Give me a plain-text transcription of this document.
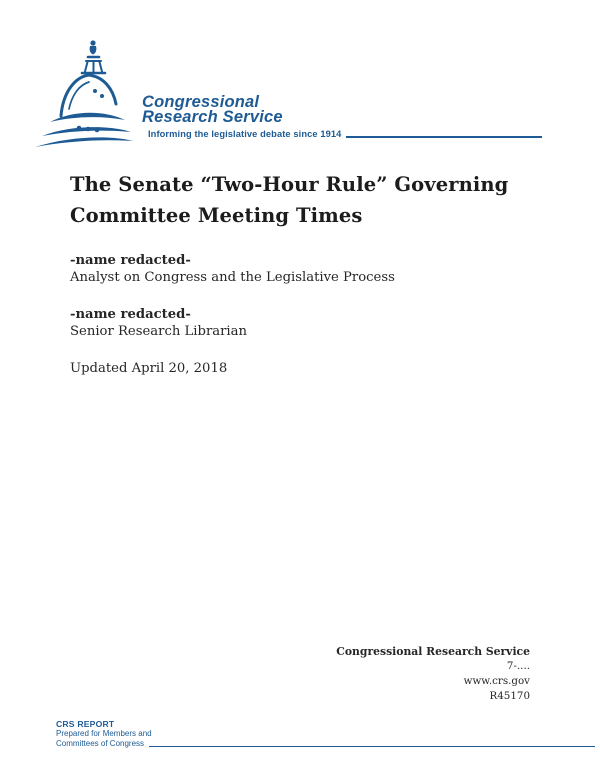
Congressional
Research Service
Informing the legislative debate since 1914
The Senate “Two-Hour Rule” Governing
Committee Meeting Times

-name redacted-

Analyst on Congress and the Legislative Process

-name redacted-

Senior Research Librarian

Updated April 20, 2018

Congressional Research Service
7-....
www.crs.gov
R45170
CRS REPORT
Prepared for Members and
Committees of Congress
